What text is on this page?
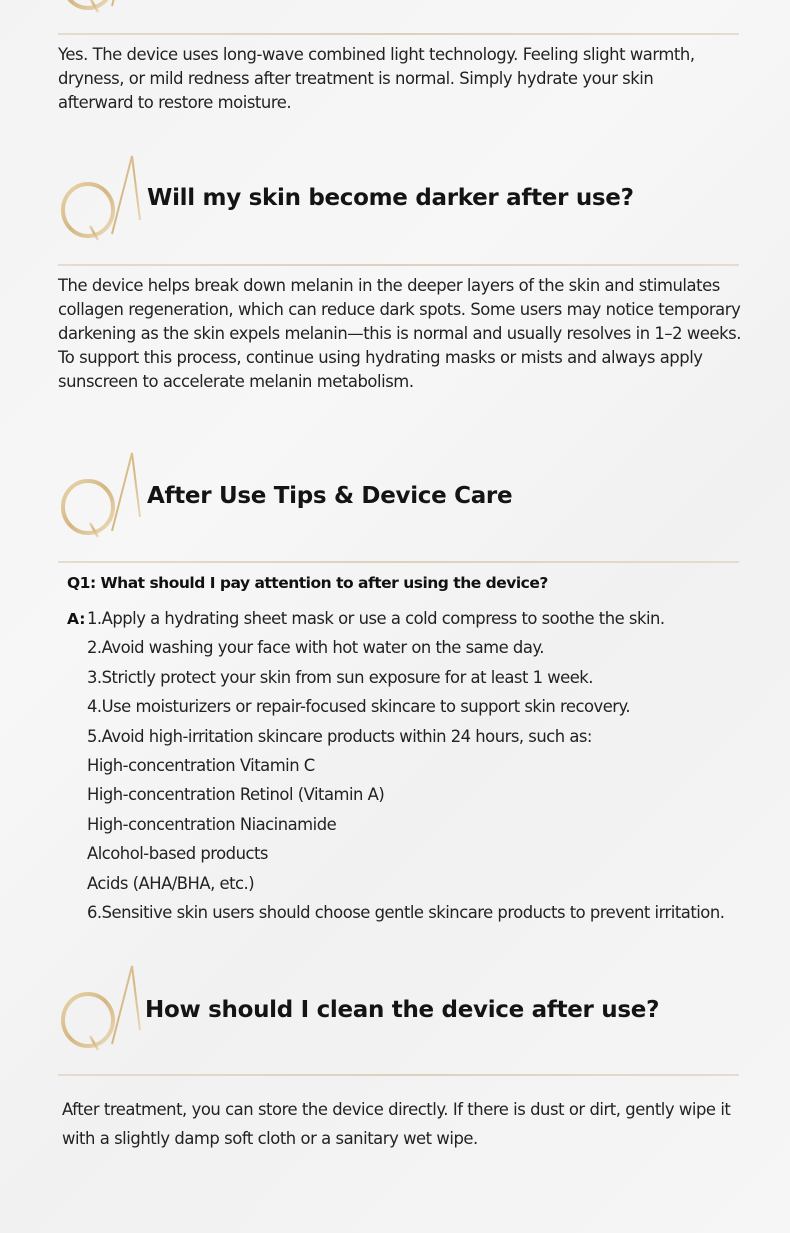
Yes. The device uses long-wave combined light technology. Feeling slight warmth,
dryness, or mild redness after treatment is normal. Simply hydrate your skin
afterward to restore moisture.
Will my skin become darker after use?
The device helps break down melanin in the deeper layers of the skin and stimulates
collagen regeneration, which can reduce dark spots. Some users may notice temporary
darkening as the skin expels melanin—this is normal and usually resolves in 1–2 weeks.
To support this process, continue using hydrating masks or mists and always apply
sunscreen to accelerate melanin metabolism.
After Use Tips & Device Care
Q1: What should I pay attention to after using the device?
A: 1.Apply a hydrating sheet mask or use a cold compress to soothe the skin.
2.Avoid washing your face with hot water on the same day.
3.Strictly protect your skin from sun exposure for at least 1 week.
4.Use moisturizers or repair-focused skincare to support skin recovery.
5.Avoid high-irritation skincare products within 24 hours, such as:
High-concentration Vitamin C
High-concentration Retinol (Vitamin A)
High-concentration Niacinamide
Alcohol-based products
Acids (AHA/BHA, etc.)
6.Sensitive skin users should choose gentle skincare products to prevent irritation.
How should I clean the device after use?
After treatment, you can store the device directly. If there is dust or dirt, gently wipe it
with a slightly damp soft cloth or a sanitary wet wipe.
